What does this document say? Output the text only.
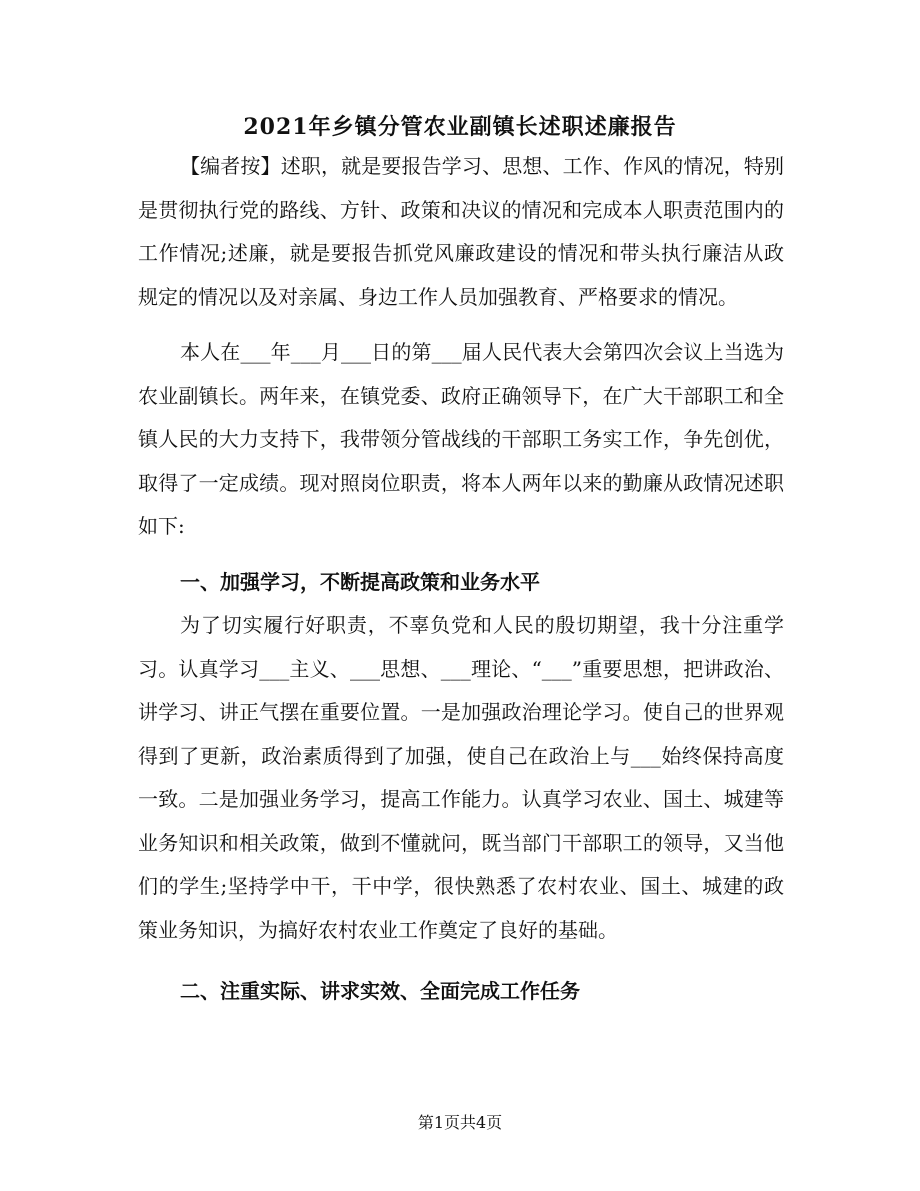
2021年乡镇分管农业副镇长述职述廉报告

【编者按】述职，就是要报告学习、思想、工作、作风的情况，特别是贯彻执行党的路线、方针、政策和决议的情况和完成本人职责范围内的工作情况;述廉，就是要报告抓党风廉政建设的情况和带头执行廉洁从政规定的情况以及对亲属、身边工作人员加强教育、严格要求的情况。

本人在___年___月___日的第___届人民代表大会第四次会议上当选为农业副镇长。两年来，在镇党委、政府正确领导下，在广大干部职工和全镇人民的大力支持下，我带领分管战线的干部职工务实工作，争先创优，取得了一定成绩。现对照岗位职责，将本人两年以来的勤廉从政情况述职如下:

一、加强学习，不断提高政策和业务水平

为了切实履行好职责，不辜负党和人民的殷切期望，我十分注重学习。认真学习___主义、___思想、___理论、“___”重要思想，把讲政治、讲学习、讲正气摆在重要位置。一是加强政治理论学习。使自己的世界观得到了更新，政治素质得到了加强，使自己在政治上与___始终保持高度一致。二是加强业务学习，提高工作能力。认真学习农业、国土、城建等业务知识和相关政策，做到不懂就问，既当部门干部职工的领导，又当他们的学生;坚持学中干，干中学，很快熟悉了农村农业、国土、城建的政策业务知识，为搞好农村农业工作奠定了良好的基础。

二、注重实际、讲求实效、全面完成工作任务

第1页共4页
